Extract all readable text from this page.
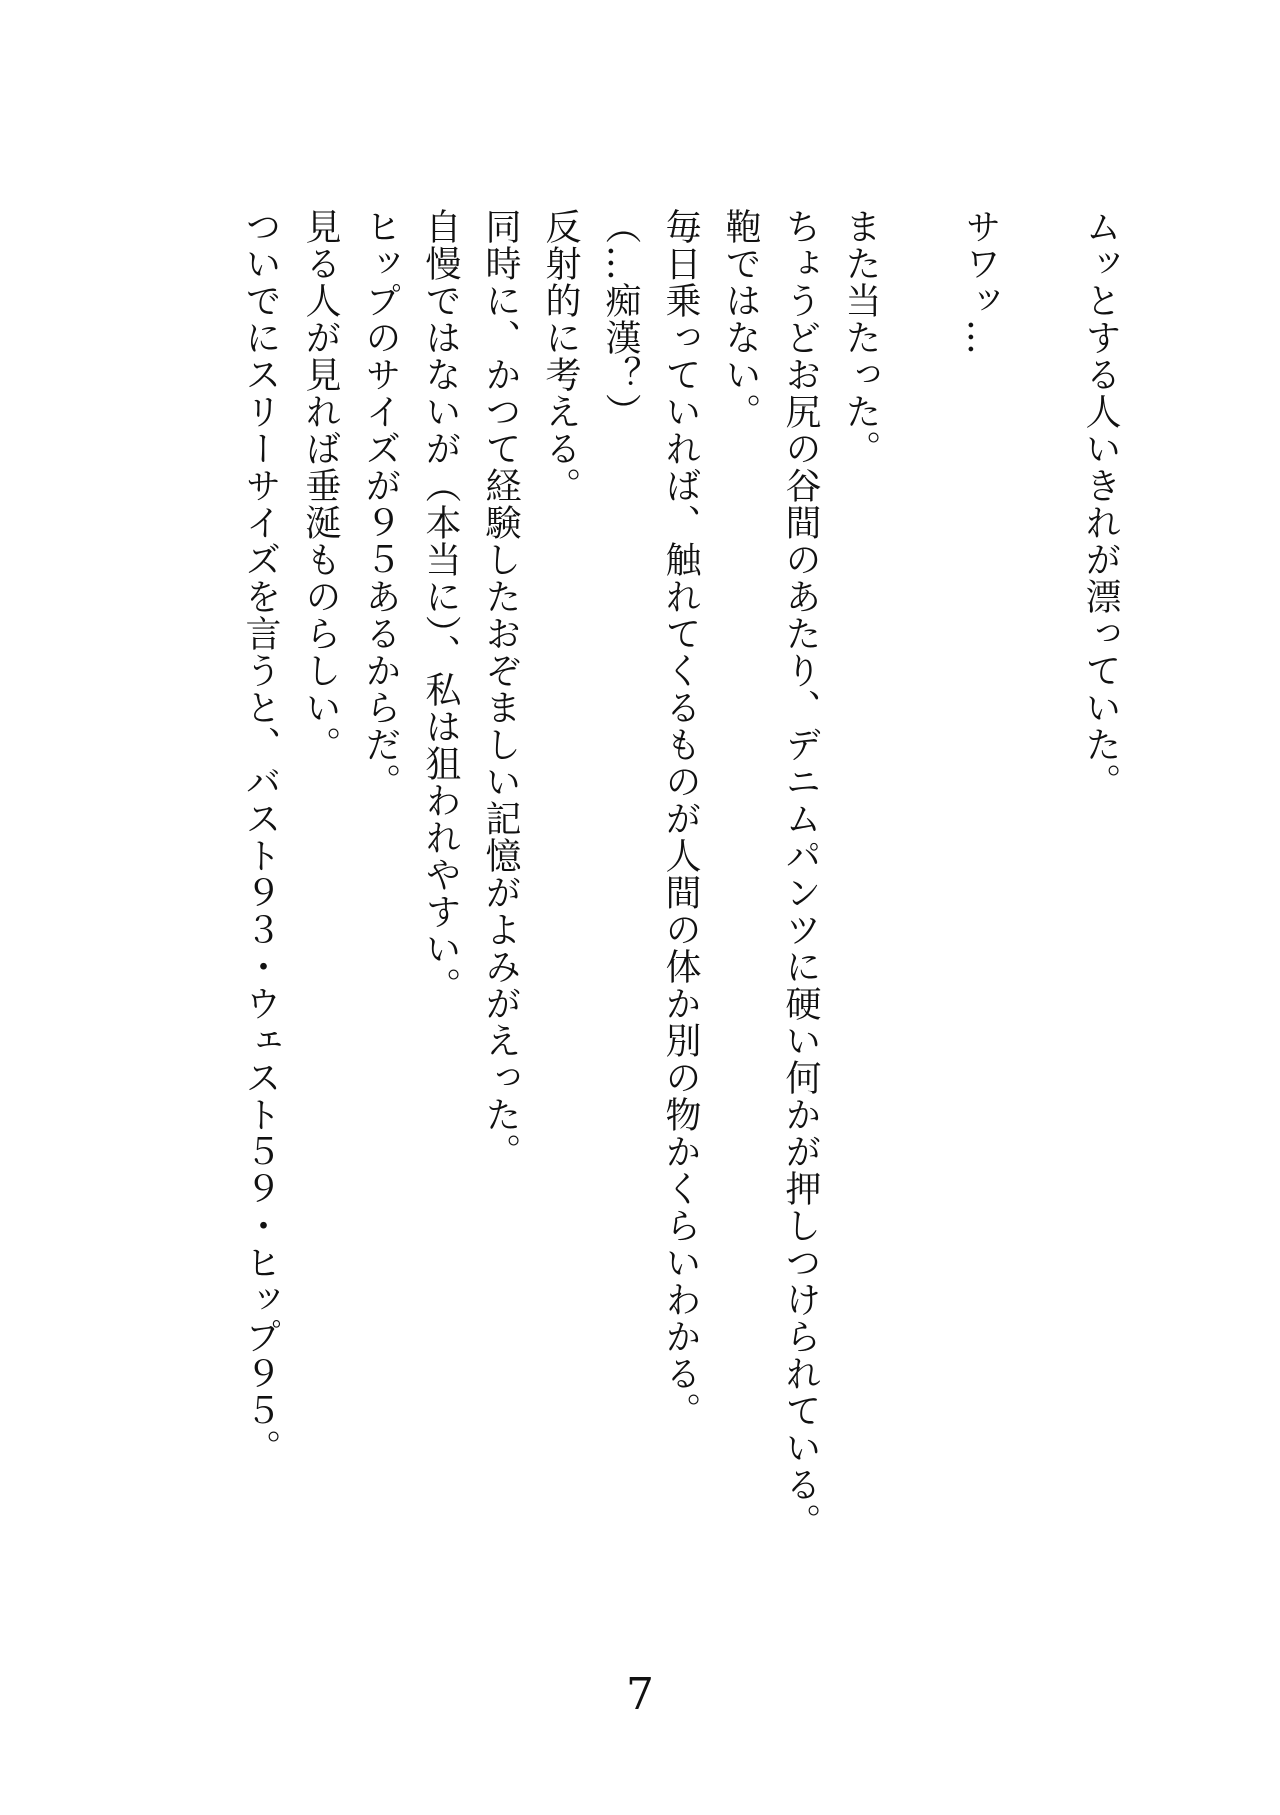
ムッとする人いきれが漂っていた。

サワッ…

また当たった。

ちょうどお尻の谷間のあたり、デニムパンツに硬い何かが押しつけられている。

鞄ではない。

毎日乗っていれば、触れてくるものが人間の体か別の物かくらいわかる。

（…痴漢？）

反射的に考える。

同時に、かつて経験したおぞましい記憶がよみがえった。

自慢ではないが（本当に）、私は狙われやすい。

ヒップのサイズが９５あるからだ。

見る人が見れば垂涎ものらしい。

ついでにスリーサイズを言うと、バスト９３・ウェスト５９・ヒップ９５。

7
